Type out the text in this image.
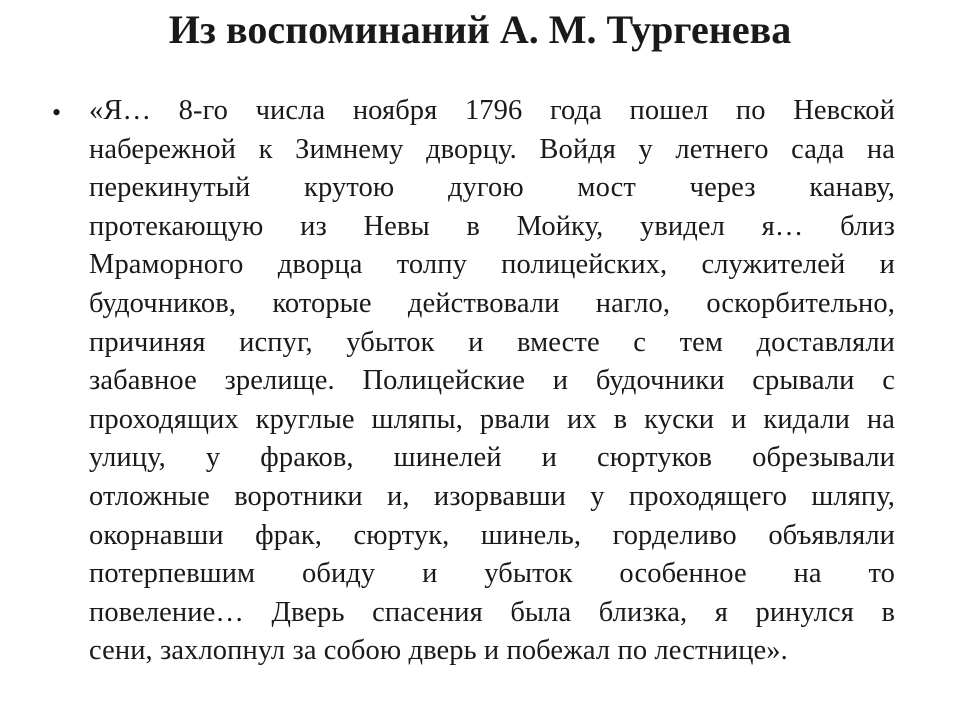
Из воспоминаний А. М. Тургенева
• «Я… 8-го числа ноября 1796 года пошел по Невской
набережной к Зимнему дворцу. Войдя у летнего сада на
перекинутый крутою дугою мост через канаву,
протекающую из Невы в Мойку, увидел я… близ
Мраморного дворца толпу полицейских, служителей и
будочников, которые действовали нагло, оскорбительно,
причиняя испуг, убыток и вместе с тем доставляли
забавное зрелище. Полицейские и будочники срывали с
проходящих круглые шляпы, рвали их в куски и кидали на
улицу, у фраков, шинелей и сюртуков обрезывали
отложные воротники и, изорвавши у проходящего шляпу,
окорнавши фрак, сюртук, шинель, горделиво объявляли
потерпевшим обиду и убыток особенное на то
повеление… Дверь спасения была близка, я ринулся в
сени, захлопнул за собою дверь и побежал по лестнице».
